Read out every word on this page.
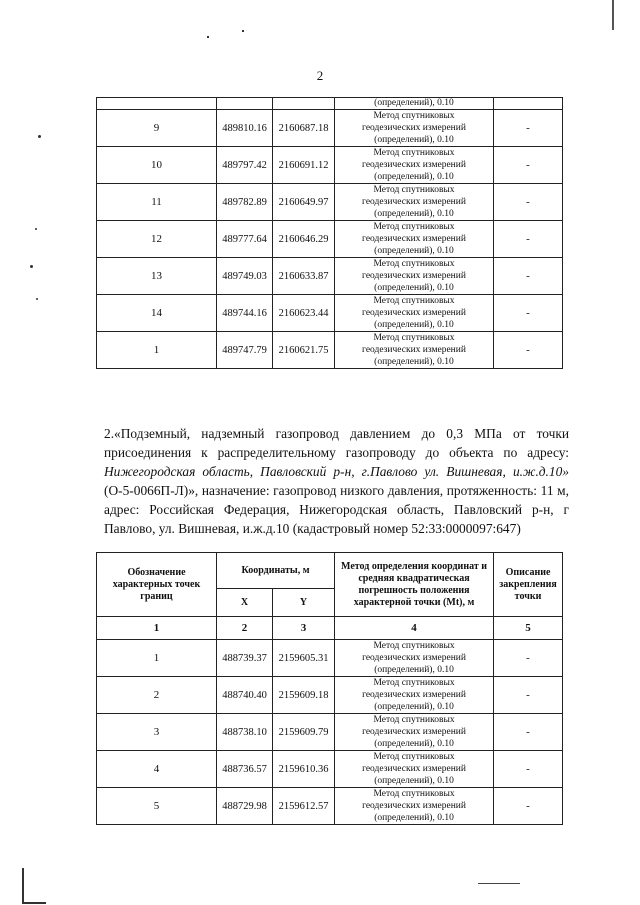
2
			(определений), 0.10	
9	489810.16	2160687.18	Метод спутниковых
геодезических измерений
(определений), 0.10	-
10	489797.42	2160691.12	Метод спутниковых
геодезических измерений
(определений), 0.10	-
11	489782.89	2160649.97	Метод спутниковых
геодезических измерений
(определений), 0.10	-
12	489777.64	2160646.29	Метод спутниковых
геодезических измерений
(определений), 0.10	-
13	489749.03	2160633.87	Метод спутниковых
геодезических измерений
(определений), 0.10	-
14	489744.16	2160623.44	Метод спутниковых
геодезических измерений
(определений), 0.10	-
1	489747.79	2160621.75	Метод спутниковых
геодезических измерений
(определений), 0.10	-

2.«Подземный, надземный газопровод давлением до 0,3 МПа от точки присоединения к распределительному газопроводу до объекта по адресу: Нижегородская область, Павловский р-н, г.Павлово ул. Вишневая, и.ж.д.10» (О-5-0066П-Л)», назначение: газопровод низкого давления, протяженность: 11 м, адрес: Российская Федерация, Нижегородская область, Павловский р-н, г Павлово, ул. Вишневая, и.ж.д.10 (кадастровый номер 52:33:0000097:647)

Обозначение характерных точек границ	Координаты, м		Метод определения координат и средняя квадратическая погрешность положения характерной точки (Mt), м	Описание закрепления точки
	X	Y		
1	2	3	4	5
1	488739.37	2159605.31	Метод спутниковых
геодезических измерений
(определений), 0.10	-
2	488740.40	2159609.18	Метод спутниковых
геодезических измерений
(определений), 0.10	-
3	488738.10	2159609.79	Метод спутниковых
геодезических измерений
(определений), 0.10	-
4	488736.57	2159610.36	Метод спутниковых
геодезических измерений
(определений), 0.10	-
5	488729.98	2159612.57	Метод спутниковых
геодезических измерений
(определений), 0.10	-
